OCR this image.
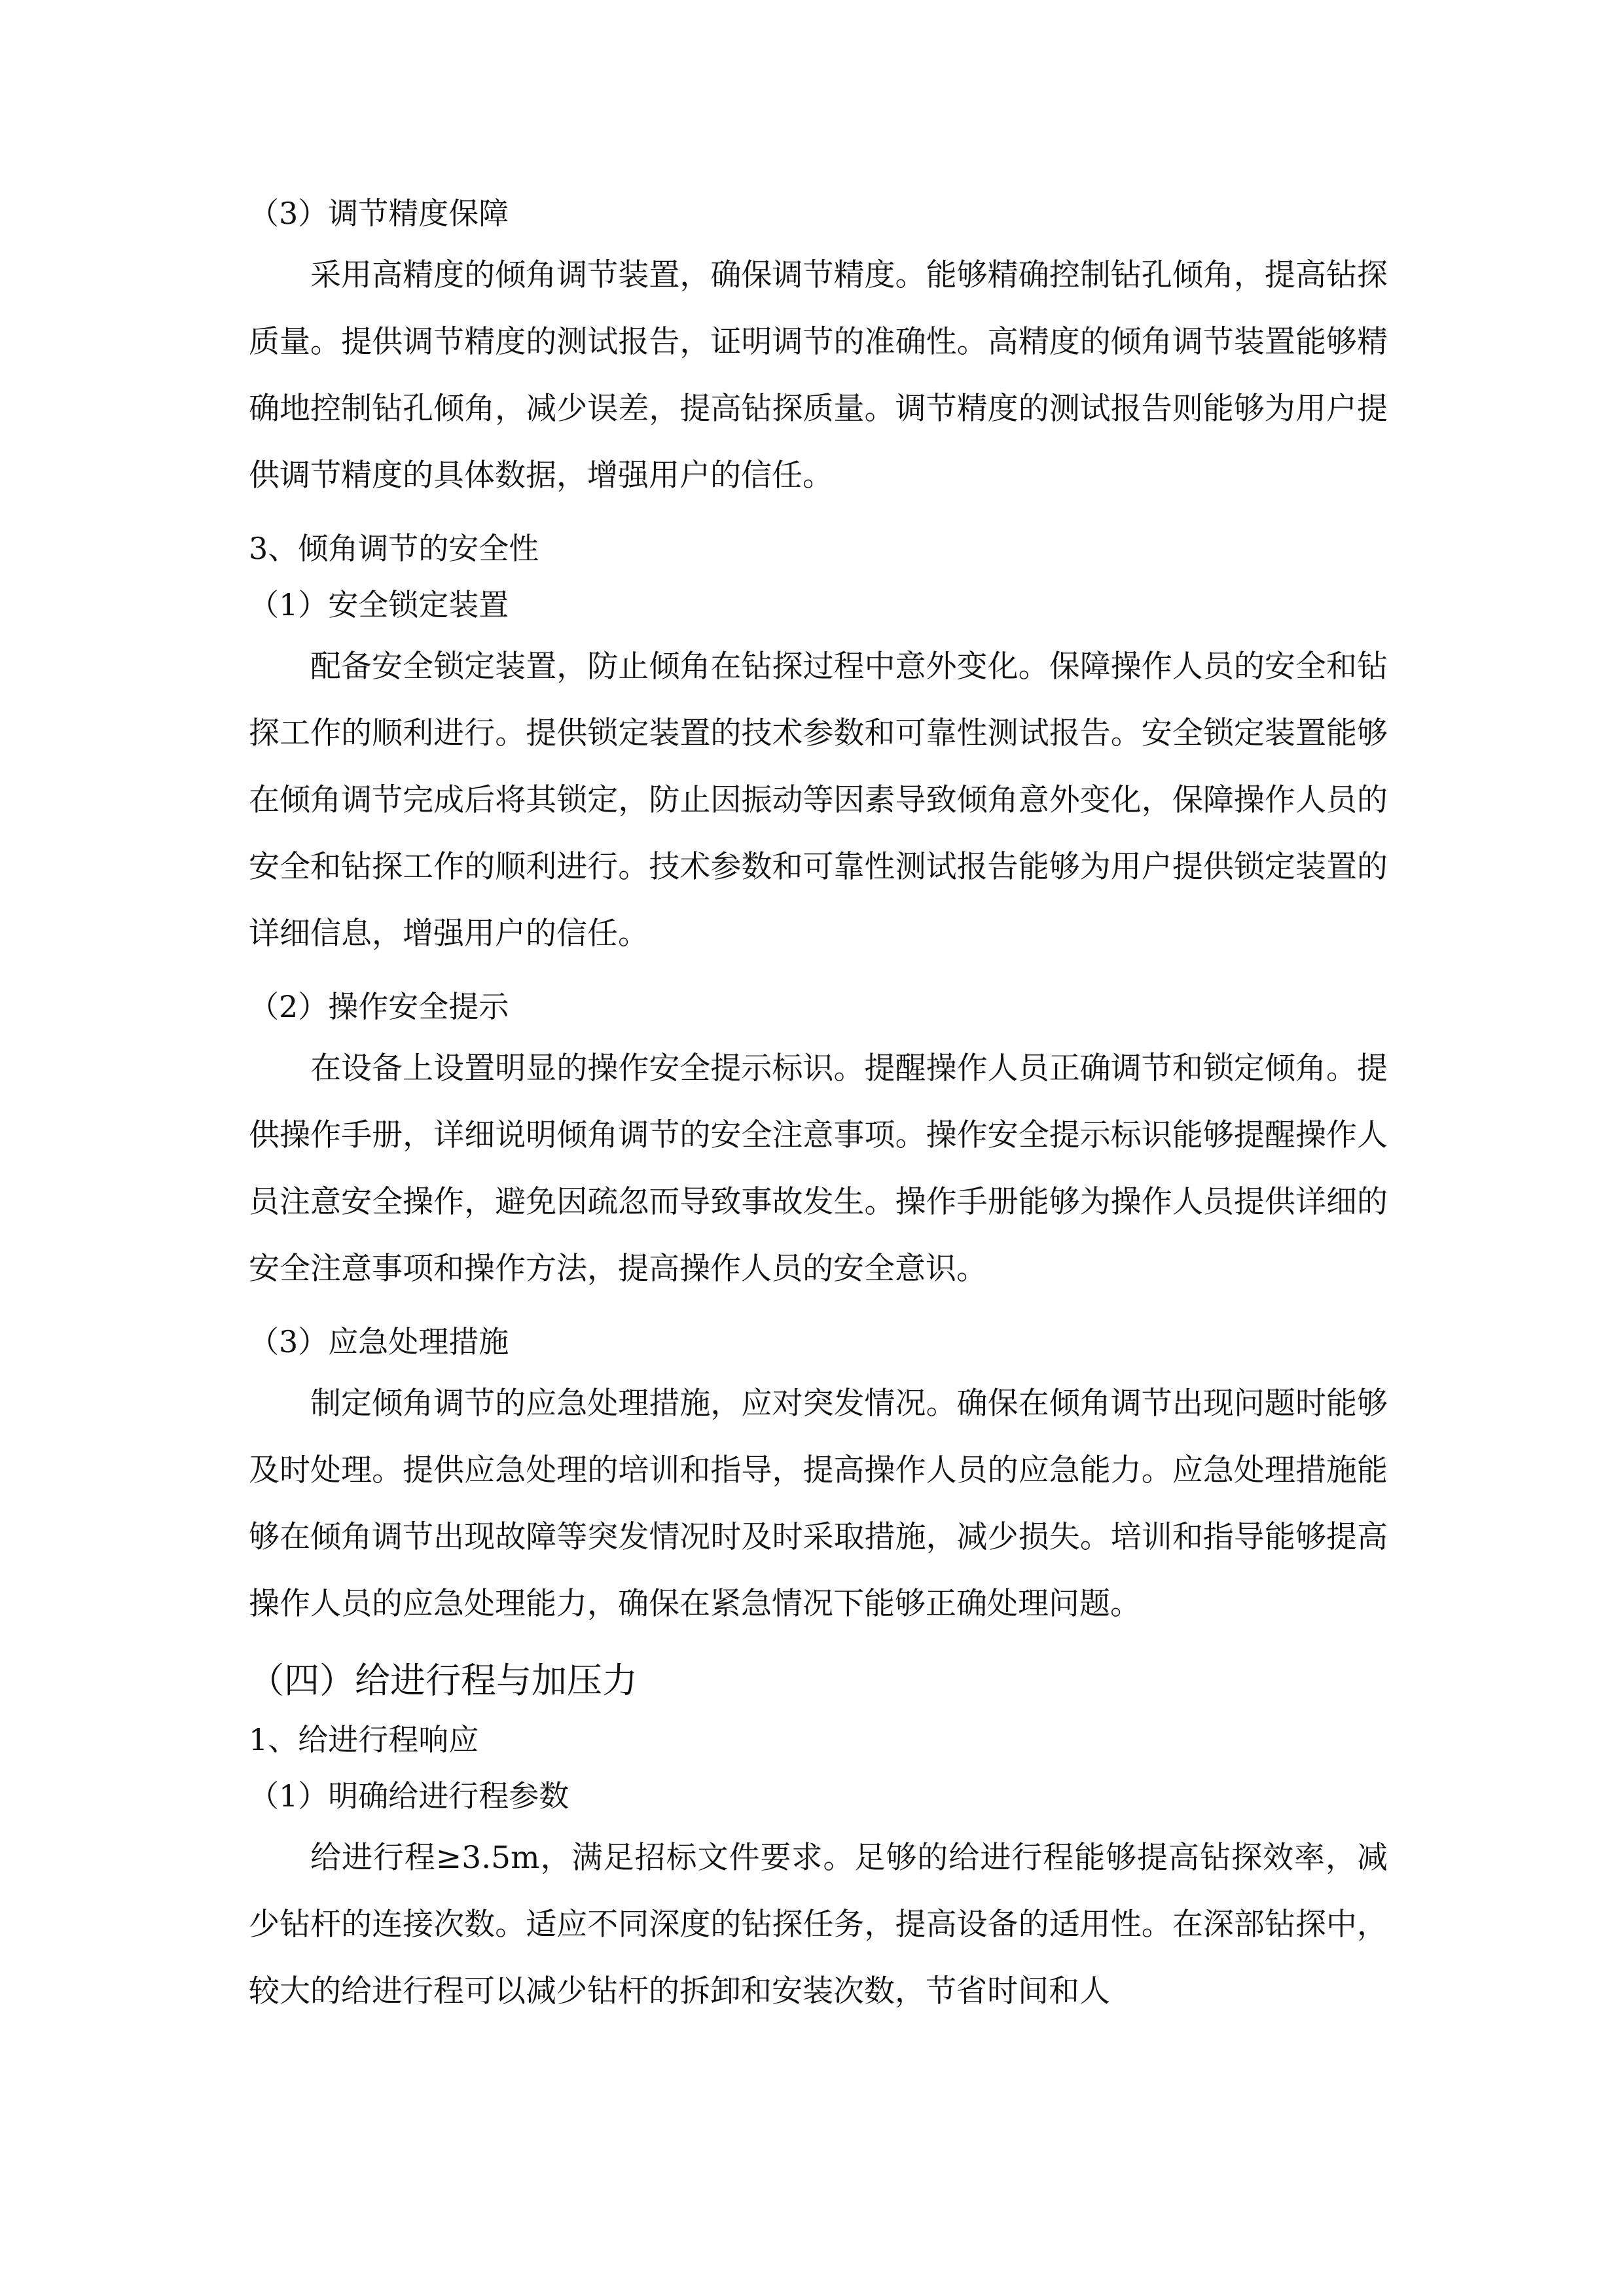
（3）调节精度保障

采用高精度的倾角调节装置，确保调节精度。能够精确控制钻孔倾角，提高钻探质量。提供调节精度的测试报告，证明调节的准确性。高精度的倾角调节装置能够精确地控制钻孔倾角，减少误差，提高钻探质量。调节精度的测试报告则能够为用户提供调节精度的具体数据，增强用户的信任。

3、倾角调节的安全性
（1）安全锁定装置

配备安全锁定装置，防止倾角在钻探过程中意外变化。保障操作人员的安全和钻探工作的顺利进行。提供锁定装置的技术参数和可靠性测试报告。安全锁定装置能够在倾角调节完成后将其锁定，防止因振动等因素导致倾角意外变化，保障操作人员的安全和钻探工作的顺利进行。技术参数和可靠性测试报告能够为用户提供锁定装置的详细信息，增强用户的信任。

（2）操作安全提示

在设备上设置明显的操作安全提示标识。提醒操作人员正确调节和锁定倾角。提供操作手册，详细说明倾角调节的安全注意事项。操作安全提示标识能够提醒操作人员注意安全操作，避免因疏忽而导致事故发生。操作手册能够为操作人员提供详细的安全注意事项和操作方法，提高操作人员的安全意识。

（3）应急处理措施

制定倾角调节的应急处理措施，应对突发情况。确保在倾角调节出现问题时能够及时处理。提供应急处理的培训和指导，提高操作人员的应急能力。应急处理措施能够在倾角调节出现故障等突发情况时及时采取措施，减少损失。培训和指导能够提高操作人员的应急处理能力，确保在紧急情况下能够正确处理问题。

（四）给进行程与加压力
1、给进行程响应
（1）明确给进行程参数

给进行程≥3.5m，满足招标文件要求。足够的给进行程能够提高钻探效率，减少钻杆的连接次数。适应不同深度的钻探任务，提高设备的适用性。在深部钻探中，较大的给进行程可以减少钻杆的拆卸和安装次数，节省时间和人
